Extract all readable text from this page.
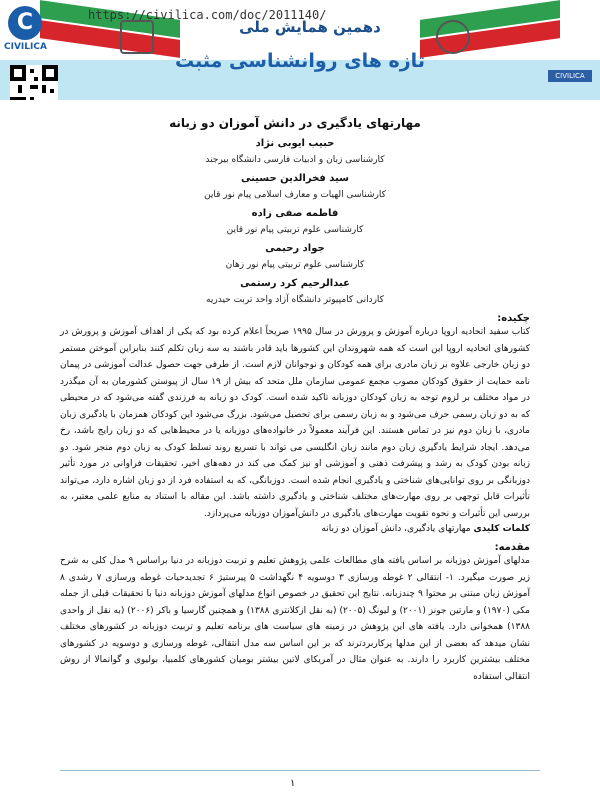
C
CIVILICA
https://civilica.com/doc/2011140/
دهمین همایش ملی
تازه های روانشناسی مثبت
CIVILICA
مهارتهای یادگیری در دانش آموزان دو زبانه
حبیب ایوبی نژاد
کارشناسی زبان و ادبیات فارسی دانشگاه بیرجند
سید فخرالدین حسینی
کارشناسی الهیات و معارف اسلامی پیام نور قاین
فاطمه صفی زاده
کارشناسی علوم تربیتی پیام نور قاین
جواد رحیمی
کارشناسی علوم تربیتی پیام نور زهان
عبدالرحیم کرد رستمی
کاردانی کامپیوتر دانشگاه آزاد واحد تربت حیدریه
چکیده:

کتاب سفید اتحادیه اروپا درباره آموزش و پرورش در سال ۱۹۹۵ صریحاً اعلام کرده بود که یکی از اهداف آموزش و پرورش در کشورهای اتحادیه اروپا این است که همه شهروندان این کشورها باید قادر باشند به سه زبان تکلم کنند بنابراین آموختن مستمر دو زبان خارجی علاوه بر زبان مادری برای همه کودکان و نوجوانان لازم است. از طرفی جهت حصول عدالت آموزشی در پیمان نامه حمایت از حقوق کودکان مصوب مجمع عمومی سازمان ملل متحد که بیش از ۱۹ سال از پیوستن کشورمان به آن میگذرد در مواد مختلف بر لزوم توجه به زبان کودکان دوزبانه تاکید شده است. کودک دو زبانه به فرزندی گفته می‌شود که در محیطی که به دو زبان رسمی حرف می‌شود و به زبان رسمی برای تحصیل می‌شود. بزرگ می‌شود این کودکان همزمان با یادگیری زبان مادری، با زبان دوم نیز در تماس هستند. این فرآیند معمولاً در خانواده‌های دوزبانه یا در محیط‌هایی که دو زبان رایج باشد، رخ می‌دهد. ایجاد شرایط یادگیری زبان دوم مانند زبان انگلیسی می تواند با تسریع روند تسلط کودک به زبان دوم منجر شود. دو زبانه بودن کودک به رشد و پیشرفت ذهنی و آموزشی او نیز کمک می کند در دهه‌های اخیر، تحقیقات فراوانی در مورد تأثیر دوزبانگی بر روی توانایی‌های شناختی و یادگیری انجام شده است. دوزبانگی، که به استفاده فرد از دو زبان اشاره دارد، می‌تواند تأثیرات قابل توجهی بر روی مهارت‌های مختلف شناختی و یادگیری داشته باشد. این مقاله با استناد به منابع علمی معتبر، به بررسی این تأثیرات و نحوه تقویت مهارت‌های یادگیری در دانش‌آموزان دوزبانه می‌پردازد.

کلمات کلیدی مهارتهای یادگیری، دانش آموزان دو زبانه
مقدمه:

مدلهای آموزش دوزبانه بر اساس یافته های مطالعات علمی پژوهش تعلیم و تربیت دوزبانه در دنیا براساس ۹ مدل کلی به شرح زیر صورت میگیرد. ۱- انتقالی ۲ غوطه ورسازی ۳ دوسویه ۴ نگهداشت ۵ پیرستیژ ۶ تجدیدحیات غوطه ورسازی ۷ رشدی ۸ آموزش زبان مبتنی بر محتوا ۹ چندزبانه. نتایج این تحقیق در خصوص انواع مدلهای آموزش دوزبانه دنیا با تحقیقات قبلی از جمله مکی (۱۹۷۰) و مارتین جونز (۲۰۰۱) و لیونگ (۲۰۰۵) (به نقل ازکلانتری ۱۳۸۸) و همچنین گارسیا و باکر (۲۰۰۶) (به نقل از واحدی ۱۳۸۸) همخوانی دارد. یافته های این پژوهش در زمینه های سیاست های برنامه تعلیم و تربیت دوزبانه در کشورهای مختلف نشان میدهد که بعضی از این مدلها پرکاربردترند که بر این اساس سه مدل انتقالی، غوطه ورسازی و دوسویه در کشورهای مختلف بیشترین کاربرد را دارند. به عنوان مثال در آمریکای لاتین بیشتر بومیان کشورهای کلمبیا، بولیوی و گواتمالا از روش انتقالی استفاده

۱
